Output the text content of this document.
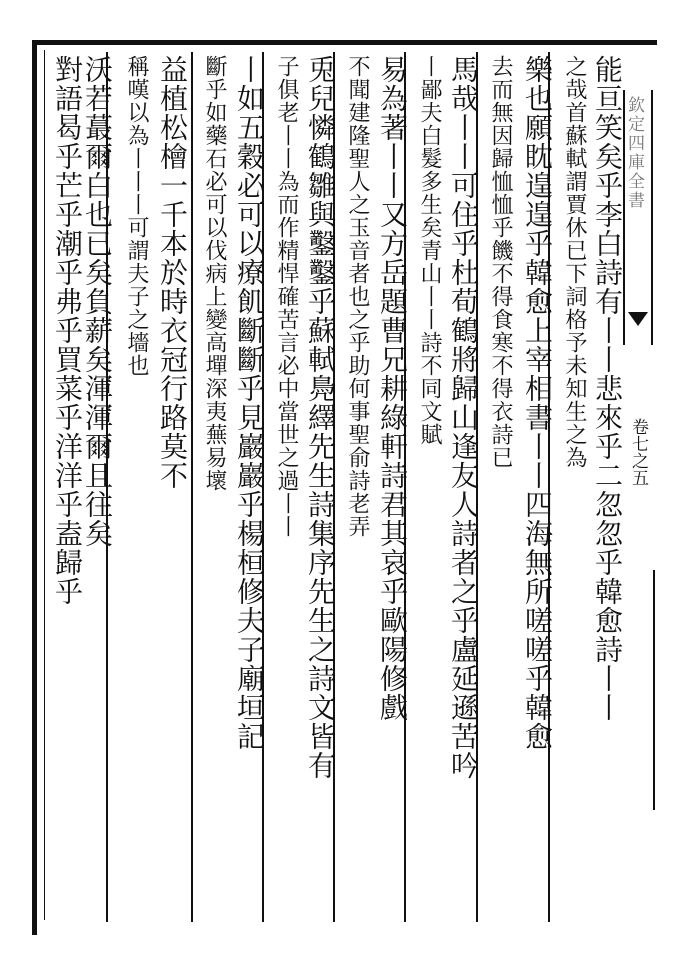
欽定四庫全書
卷七之五
能亘笑矣乎李白詩有丨丨悲來乎二忽忽乎韓愈詩丨丨
之哉首蘇軾謂賈休已下詞格予未知生之為
樂也願眈遑遑乎韓愈上宰相書丨丨四海無所嗟嗟乎韓愈
去而無因歸恤恤乎饑不得食寒不得衣詩已
馬哉丨丨可住乎杜荀鶴將歸山逢友人詩者之乎盧延遜苦吟
丨鄙夫白髮多生矣青山丨丨詩不同文賦
易為著丨丨又方岳題曹兄耕綠軒詩君其哀乎歐陽修戲
不聞建隆聖人之玉音者也之乎助何事聖俞詩老弄
兎兒憐鶴雛與鑿鑿乎蘇軾鳧繹先生詩集序先生之詩文皆有
子俱老丨丨為而作精悍確苦言必中當世之過丨丨
丨如五穀必可以療飢斷斷乎見巖巖乎楊桓修夫子廟垣記
斷乎如藥石必可以伐病上變高墠深夷蕪易壞
益植松檜一千本於時衣冠行路莫不
稱嘆以為丨丨丨可謂夫子之墻也
沃若蕞爾白也已矣負薪矣渾渾爾且往矣
對語曷乎芒乎潮乎弗乎買菜乎洋洋乎盍歸乎
